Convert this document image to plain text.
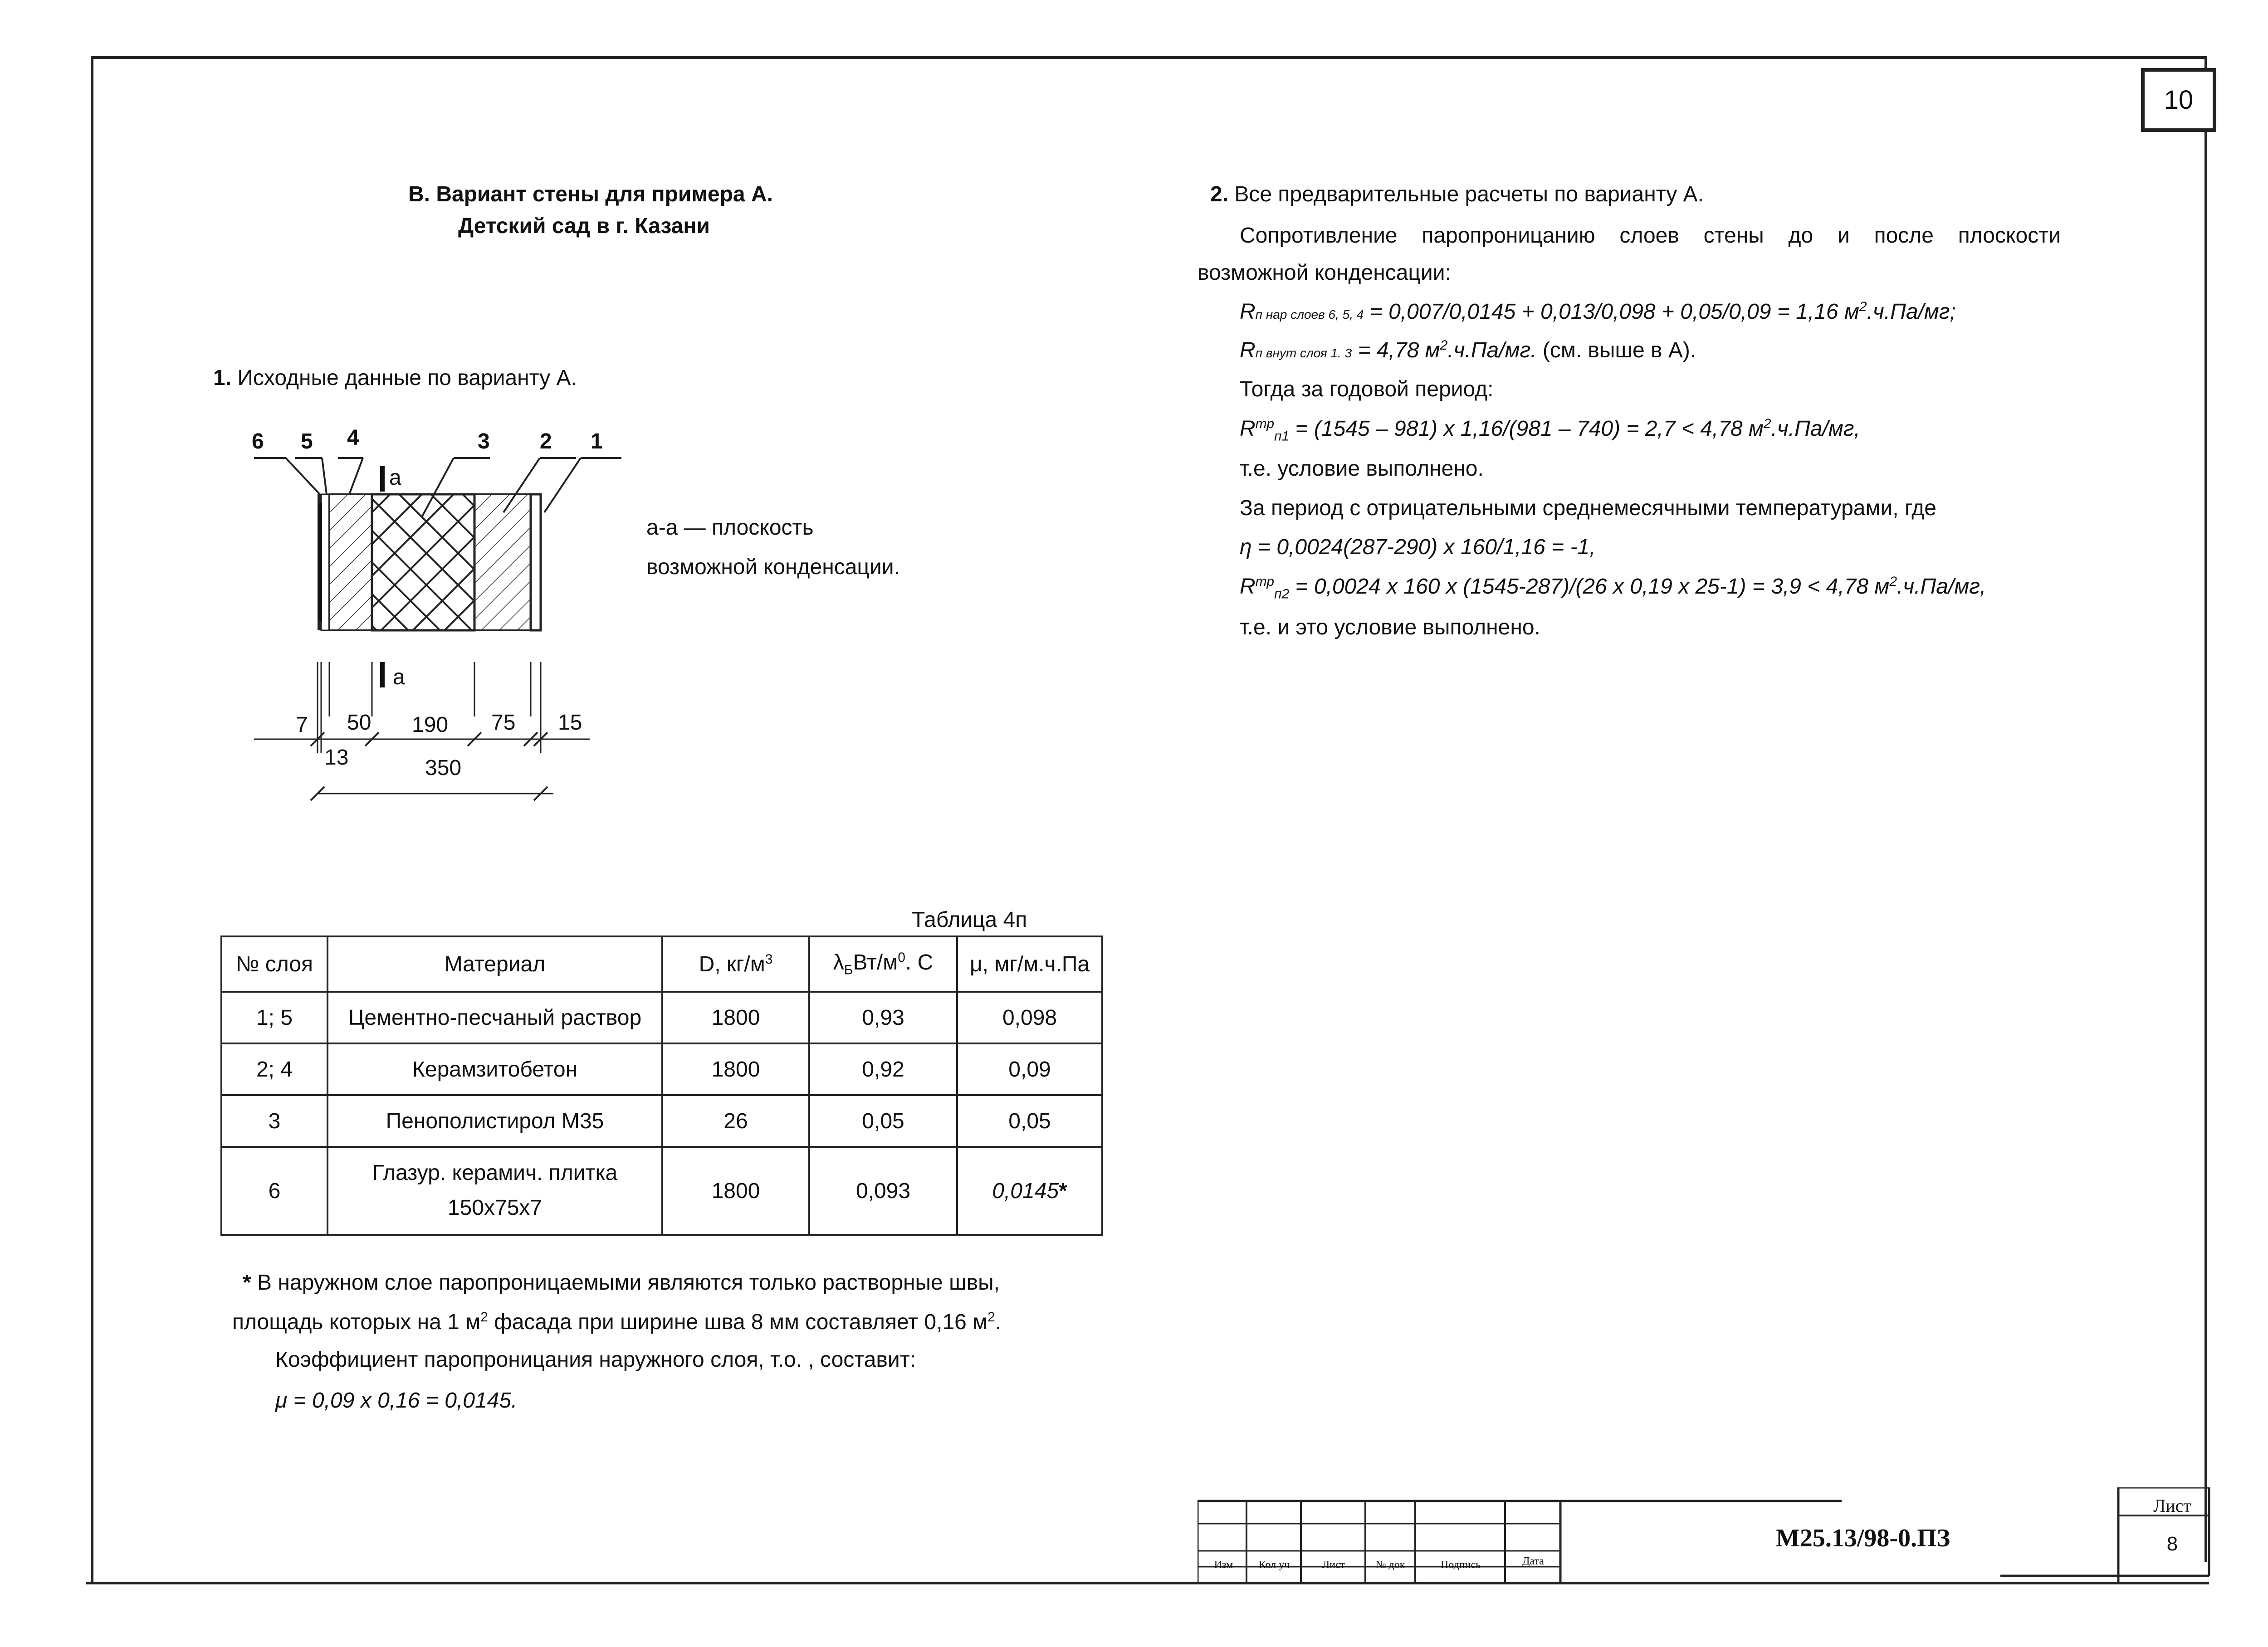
10
В. Вариант стены для примера А.
Детский сад в г. Казани
1. Исходные данные по варианту А.
6 5 4	3 2 1
а
а
7 50 190 75 15
13	350
а-а — плоскость
возможной конденсации.
Таблица 4п
№ слоя	Материал	D, $кг/м^3$	$\lambda_БВт/м^0$. С	μ, мг/м.ч.Па
1; 5	Цементно-песчаный раствор	1800	0,93	0,098
2; 4	Керамзитобетон	1800	0,92	0,09
3	Пенополистирол М35	26	0,05	0,05
6	Глазур. керамич. плитка
150х75х7	1800	0,093	0,0145*
* В наружном слое паропроницаемыми являются только растворные швы,
площадь которых на 1 $м^2$ фасада при ширине шва 8 мм составляет 0,16 $м^2$.
Коэффициент паропроницания наружного слоя, т.о. , составит:
μ = 0,09 х 0,16 = 0,0145.
2. Все предварительные расчеты по варианту А.
Сопротивление паропроницанию слоев стены до и после плоскости
возможной конденсации:
Rп нар слоев 6, 5, 4 = 0,007/0,0145 + 0,013/0,098 + 0,05/0,09 = 1,16 $м^2.ч.Па/мг$;
Rп внут слоя 1. 3 = 4,78 $м^2.ч.Па/мг$. (см. выше в А).
Тогда за годовой период:
$R^{тр}_{п1} = (1545 - 981)$ х 1,16/(981 – 740) = 2,7 < 4,78 $м^2.ч.Па/мг$,
т.е. условие выполнено.
За период с отрицательными среднемесячными температурами, где
η = 0,0024(287-290) х 160/1,16 = -1,
$R^{тр}_{п2} = 0,0024$ х 160 х (1545-287)/(26 х 0,19 х 25-1) = 3,9 < 4,78 $м^2.ч.Па/мг$,
т.е. и это условие выполнено.
Изм	Кол уч	Лист	№ док	Подпись	Дата
М25.13/98-0.ПЗ
Лист
8
